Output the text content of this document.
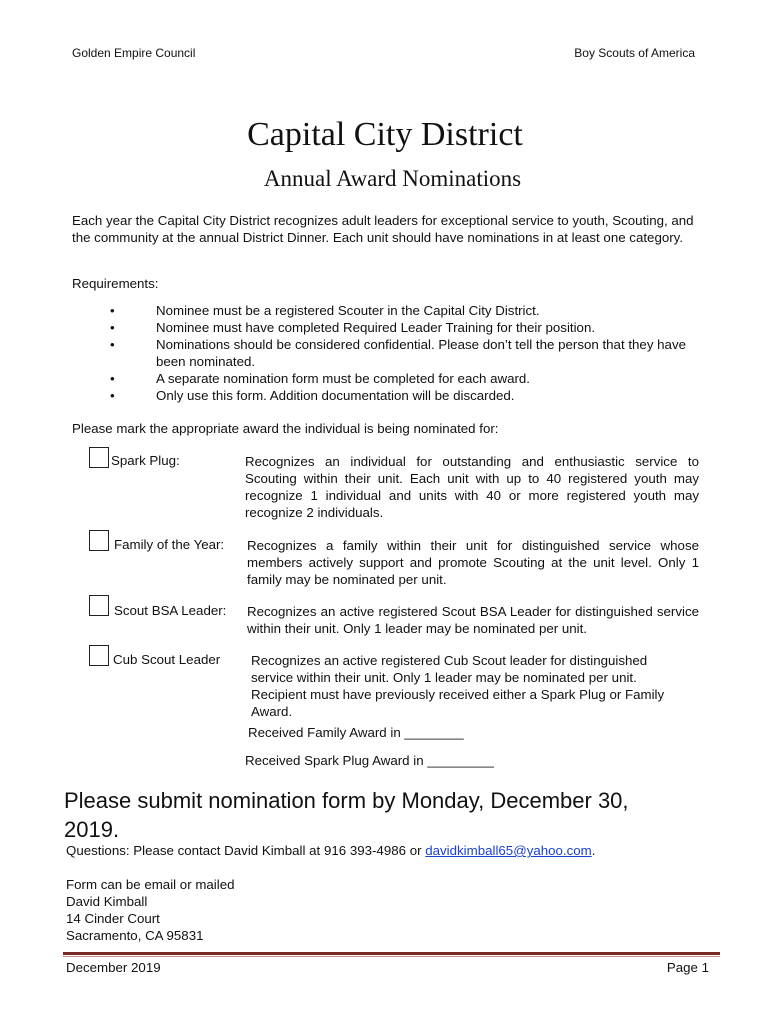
Golden Empire Council	Boy Scouts of America
Capital City District
Annual Award Nominations
Each year the Capital City District recognizes adult leaders for exceptional service to youth, Scouting, and the community at the annual District Dinner. Each unit should have nominations in at least one category.
Requirements:
•	Nominee must be a registered Scouter in the Capital City District.
•	Nominee must have completed Required Leader Training for their position.
•	Nominations should be considered confidential. Please don’t tell the person that they have been nominated.
•	A separate nomination form must be completed for each award.
•	Only use this form. Addition documentation will be discarded.
Please mark the appropriate award the individual is being nominated for:
Spark Plug:	Recognizes an individual for outstanding and enthusiastic service to Scouting within their unit. Each unit with up to 40 registered youth may recognize 1 individual and units with 40 or more registered youth may recognize 2 individuals.
Family of the Year: Recognizes a family within their unit for distinguished service whose members actively support and promote Scouting at the unit level. Only 1 family may be nominated per unit.
Scout BSA Leader: Recognizes an active registered Scout BSA Leader for distinguished service within their unit. Only 1 leader may be nominated per unit.
Cub Scout Leader Recognizes an active registered Cub Scout leader for distinguished service within their unit. Only 1 leader may be nominated per unit. Recipient must have previously received either a Spark Plug or Family Award.
Received Family Award in ________
Received Spark Plug Award in _________
Please submit nomination form by Monday, December 30, 2019.
Questions: Please contact David Kimball at 916 393-4986 or davidkimball65@yahoo.com.
Form can be email or mailed
David Kimball
14 Cinder Court
Sacramento, CA 95831
December 2019	Page 1
